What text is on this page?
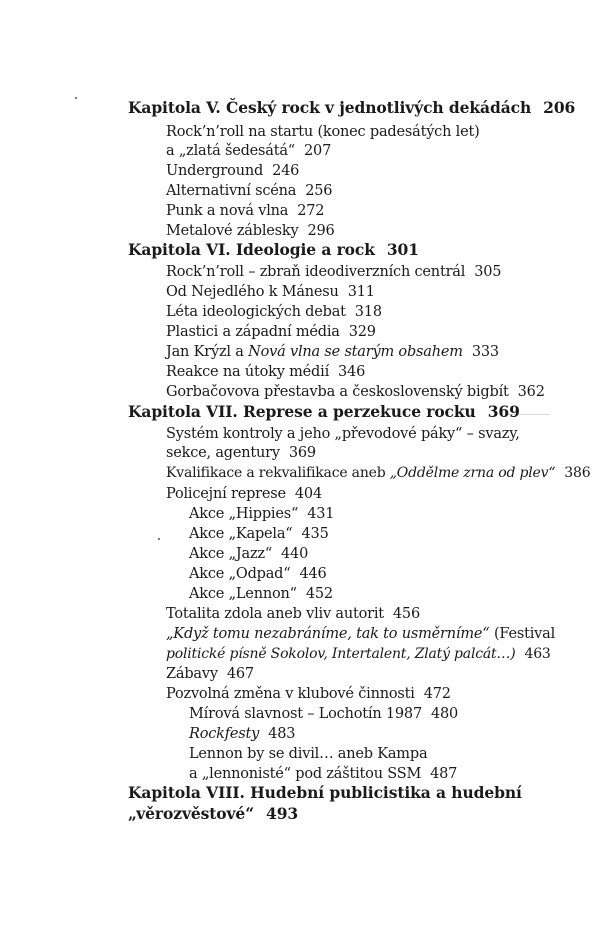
Kapitola V. Český rock v jednotlivých dekádách 206
Rock’n’roll na startu (konec padesátých let)
a „zlatá šedesátá“ 207
Underground 246
Alternativní scéna 256
Punk a nová vlna 272
Metalové záblesky 296
Kapitola VI. Ideologie a rock 301
Rock’n’roll – zbraň ideodiverzních centrál 305
Od Nejedlého k Mánesu 311
Léta ideologických debat 318
Plastici a západní média 329
Jan Krýzl a Nová vlna se starým obsahem 333
Reakce na útoky médií 346
Gorbačovova přestavba a československý bigbít 362
Kapitola VII. Represe a perzekuce rocku 369
Systém kontroly a jeho „převodové páky“ – svazy,
sekce, agentury 369
Kvalifikace a rekvalifikace aneb „Oddělme zrna od plev“ 386
Policejní represe 404
Akce „Hippies“ 431
Akce „Kapela“ 435
Akce „Jazz“ 440
Akce „Odpad“ 446
Akce „Lennon“ 452
Totalita zdola aneb vliv autorit 456
„Když tomu nezabráníme, tak to usměrníme“ (Festival
politické písně Sokolov, Intertalent, Zlatý palcát…) 463
Zábavy 467
Pozvolná změna v klubové činnosti 472
Mírová slavnost – Lochotín 1987 480
Rockfesty 483
Lennon by se divil… aneb Kampa
a „lennonisté“ pod záštitou SSM 487
Kapitola VIII. Hudební publicistika a hudební
„věrozvěstové“ 493
